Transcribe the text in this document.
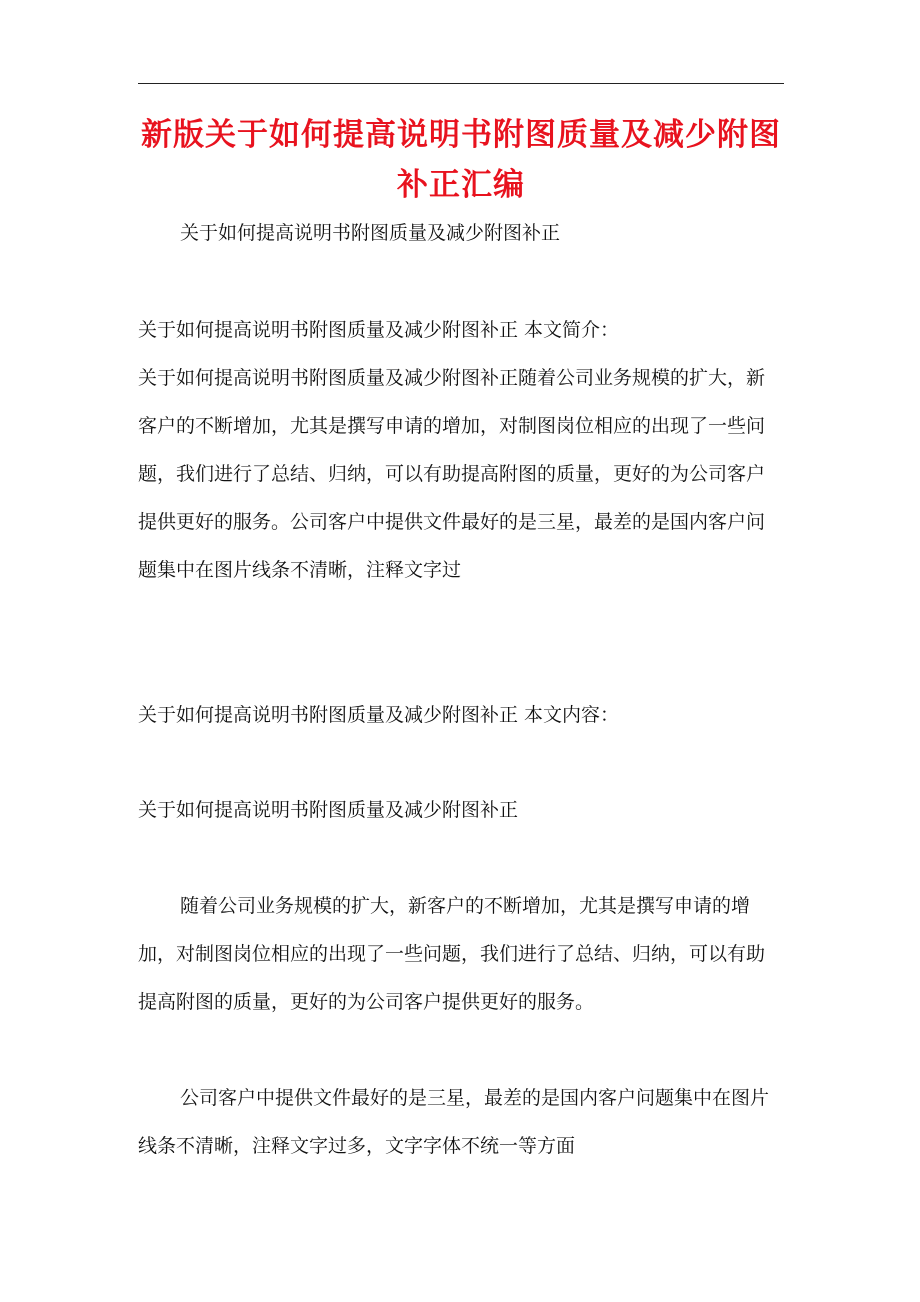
新版关于如何提高说明书附图质量及减少附图补正汇编

关于如何提高说明书附图质量及减少附图补正

关于如何提高说明书附图质量及减少附图补正 本文简介：

关于如何提高说明书附图质量及减少附图补正随着公司业务规模的扩大，新客户的不断增加，尤其是撰写申请的增加，对制图岗位相应的出现了一些问题，我们进行了总结、归纳，可以有助提高附图的质量，更好的为公司客户提供更好的服务。公司客户中提供文件最好的是三星，最差的是国内客户问题集中在图片线条不清晰，注释文字过

关于如何提高说明书附图质量及减少附图补正 本文内容：

关于如何提高说明书附图质量及减少附图补正

随着公司业务规模的扩大，新客户的不断增加，尤其是撰写申请的增加，对制图岗位相应的出现了一些问题，我们进行了总结、归纳，可以有助提高附图的质量，更好的为公司客户提供更好的服务。

公司客户中提供文件最好的是三星，最差的是国内客户问题集中在图片线条不清晰，注释文字过多，文字字体不统一等方面
